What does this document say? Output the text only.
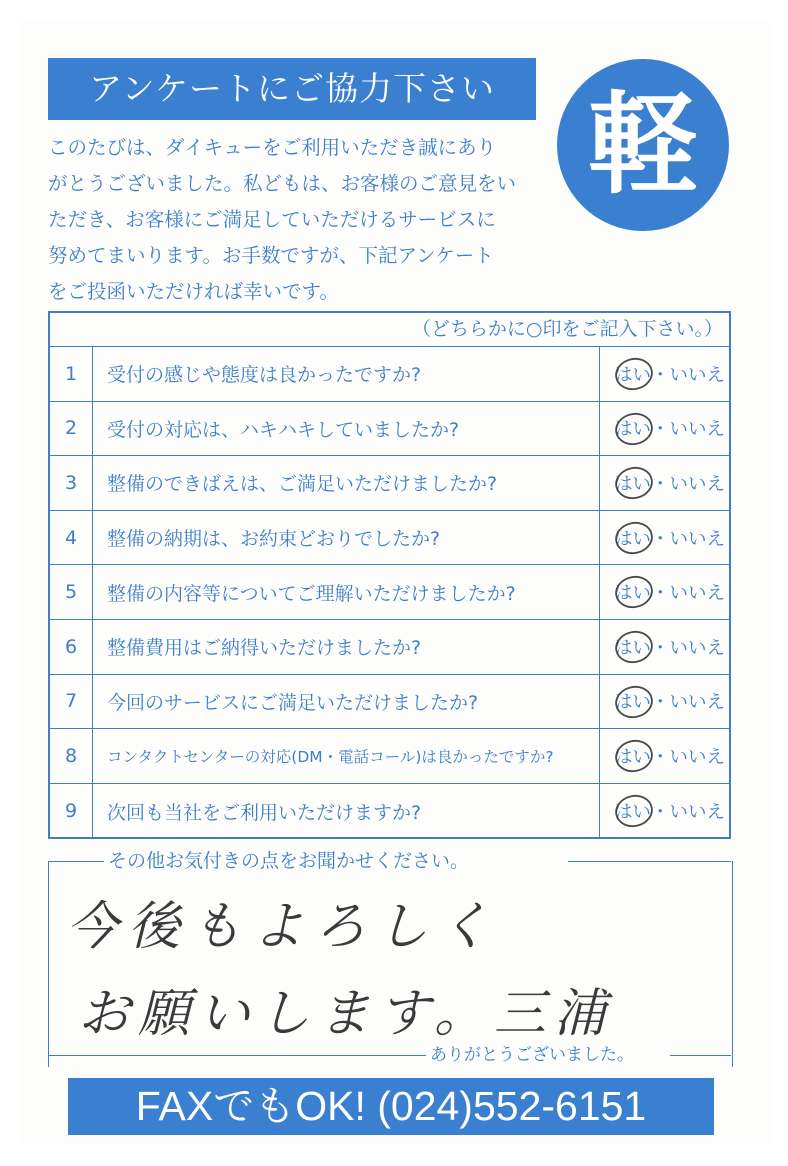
アンケートにご協力下さい
このたびは、ダイキューをご利用いただき誠にあり
がとうございました。私どもは、お客様のご意見をい
ただき、お客様にご満足していただけるサービスに
努めてまいります。お手数ですが、下記アンケート
をご投函いただければ幸いです。
軽
（どちらかに○印をご記入下さい。）
1	受付の感じや態度は良かったですか?	はい・いいえ
2	受付の対応は、ハキハキしていましたか?	はい・いいえ
3	整備のできばえは、ご満足いただけましたか?	はい・いいえ
4	整備の納期は、お約束どおりでしたか?	はい・いいえ
5	整備の内容等についてご理解いただけましたか?	はい・いいえ
6	整備費用はご納得いただけましたか?	はい・いいえ
7	今回のサービスにご満足いただけましたか?	はい・いいえ
8	コンタクトセンターの対応(DM・電話コール)は良かったですか?	はい・いいえ
9	次回も当社をご利用いただけますか?	はい・いいえ
その他お気付きの点をお聞かせください。
今後もよろしく
お願いします。三浦
ありがとうございました。
FAXでもOK! (024)552-6151
